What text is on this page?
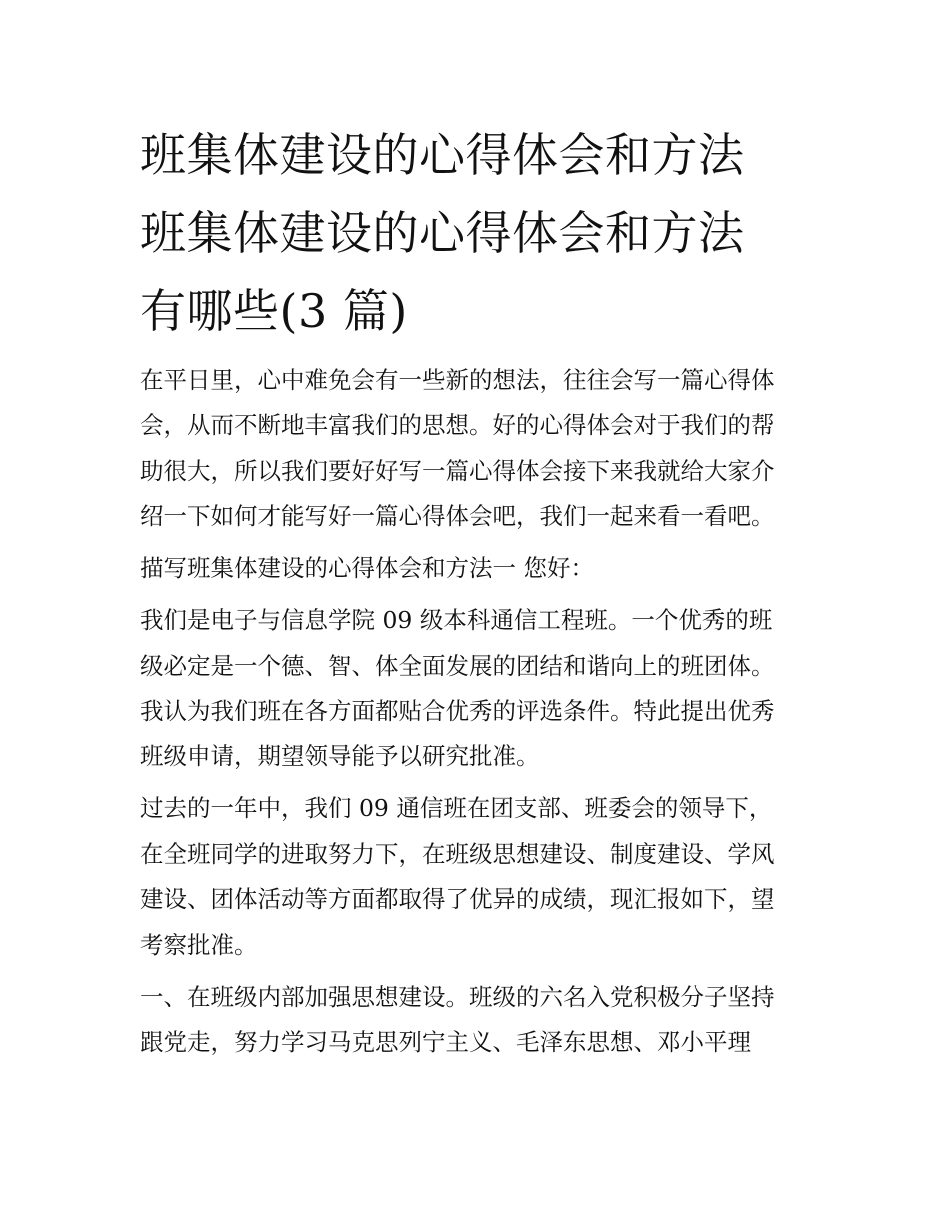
班集体建设的心得体会和方法
班集体建设的心得体会和方法
有哪些(3 篇)

在平日里，心中难免会有一些新的想法，往往会写一篇心得体
会，从而不断地丰富我们的思想。好的心得体会对于我们的帮
助很大，所以我们要好好写一篇心得体会接下来我就给大家介
绍一下如何才能写好一篇心得体会吧，我们一起来看一看吧。

描写班集体建设的心得体会和方法一 您好：

我们是电子与信息学院 09 级本科通信工程班。一个优秀的班
级必定是一个德、智、体全面发展的团结和谐向上的班团体。
我认为我们班在各方面都贴合优秀的评选条件。特此提出优秀
班级申请，期望领导能予以研究批准。

过去的一年中，我们 09 通信班在团支部、班委会的领导下，
在全班同学的进取努力下，在班级思想建设、制度建设、学风
建设、团体活动等方面都取得了优异的成绩，现汇报如下，望
考察批准。

一、在班级内部加强思想建设。班级的六名入党积极分子坚持
跟党走，努力学习马克思列宁主义、毛泽东思想、邓小平理
